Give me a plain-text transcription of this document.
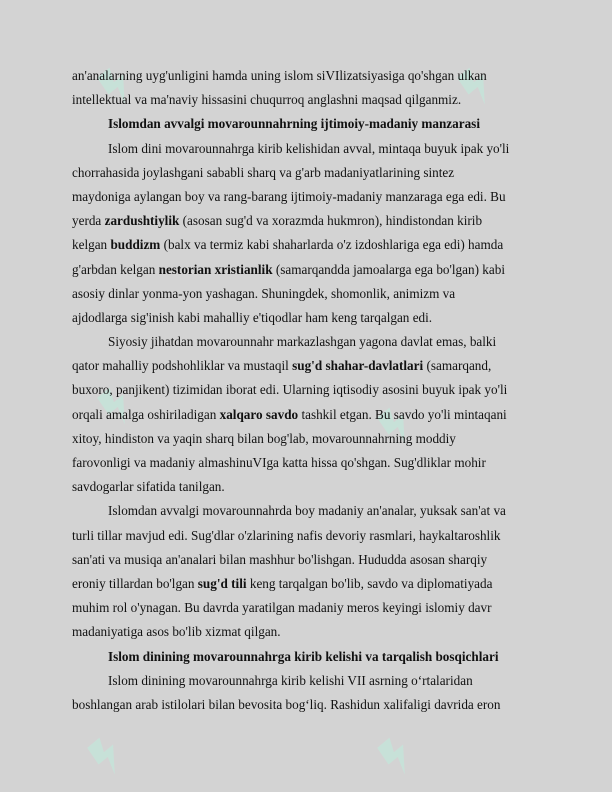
an'analarning uyg'unligini hamda uning islom siVIlizatsiyasiga qo'shgan ulkan
intellektual va ma'naviy hissasini chuqurroq anglashni maqsad qilganmiz.

Islomdan avvalgi movarounnahrning ijtimoiy-madaniy manzarasi

Islom dini movarounnahrga kirib kelishidan avval, mintaqa buyuk ipak yo'li
chorrahasida joylashgani sababli sharq va g'arb madaniyatlarining sintez
maydoniga aylangan boy va rang-barang ijtimoiy-madaniy manzaraga ega edi. Bu
yerda zardushtiylik (asosan sug'd va xorazmda hukmron), hindistondan kirib
kelgan buddizm (balx va termiz kabi shaharlarda o'z izdoshlariga ega edi) hamda
g'arbdan kelgan nestorian xristianlik (samarqandda jamoalarga ega bo'lgan) kabi
asosiy dinlar yonma-yon yashagan. Shuningdek, shomonlik, animizm va
ajdodlarga sig'inish kabi mahalliy e'tiqodlar ham keng tarqalgan edi.

Siyosiy jihatdan movarounnahr markazlashgan yagona davlat emas, balki
qator mahalliy podshohliklar va mustaqil sug'd shahar-davlatlari (samarqand,
buxoro, panjikent) tizimidan iborat edi. Ularning iqtisodiy asosini buyuk ipak yo'li
orqali amalga oshiriladigan xalqaro savdo tashkil etgan. Bu savdo yo'li mintaqani
xitoy, hindiston va yaqin sharq bilan bog'lab, movarounnahrning moddiy
farovonligi va madaniy almashinuVIga katta hissa qo'shgan. Sug'dliklar mohir
savdogarlar sifatida tanilgan.

Islomdan avvalgi movarounnahrda boy madaniy an'analar, yuksak san'at va
turli tillar mavjud edi. Sug'dlar o'zlarining nafis devoriy rasmlari, haykaltaroshlik
san'ati va musiqa an'analari bilan mashhur bo'lishgan. Hududda asosan sharqiy
eroniy tillardan bo'lgan sug'd tili keng tarqalgan bo'lib, savdo va diplomatiyada
muhim rol o'ynagan. Bu davrda yaratilgan madaniy meros keyingi islomiy davr
madaniyatiga asos bo'lib xizmat qilgan.

Islom dinining movarounnahrga kirib kelishi va tarqalish bosqichlari

Islom dinining movarounnahrga kirib kelishi VII asrning o‘rtalaridan
boshlangan arab istilolari bilan bevosita bog‘liq. Rashidun xalifaligi davrida eron
